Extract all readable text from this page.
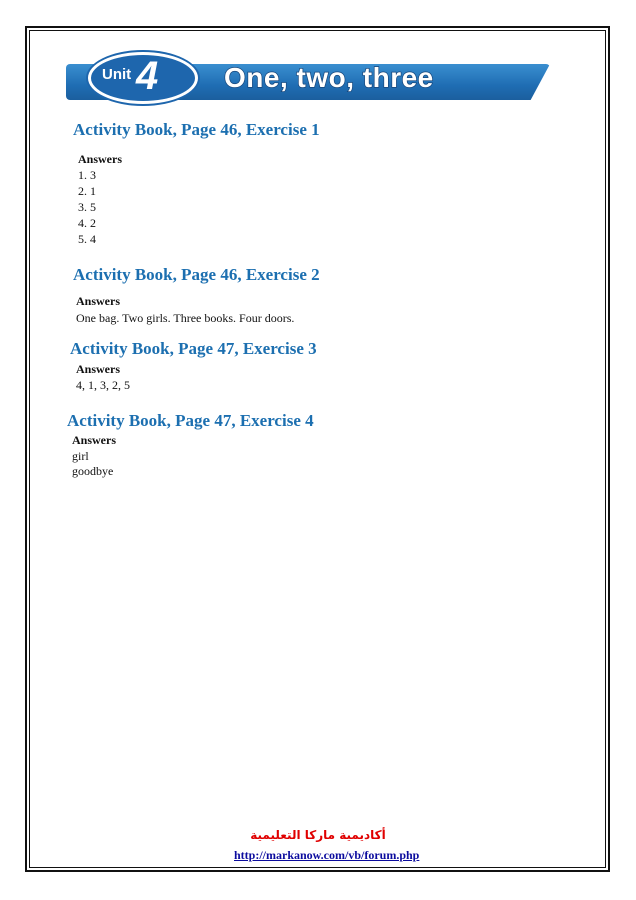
Unit 4 One, two, three
Activity Book, Page 46, Exercise 1
Answers
1. 3
2. 1
3. 5
4. 2
5. 4
Activity Book, Page 46, Exercise 2
Answers
One bag. Two girls. Three books. Four doors.
Activity Book, Page 47, Exercise 3
Answers
4, 1, 3, 2, 5
Activity Book, Page 47, Exercise 4
Answers
girl
goodbye
أكاديمية ماركا التعليمية
http://markanow.com/vb/forum.php
